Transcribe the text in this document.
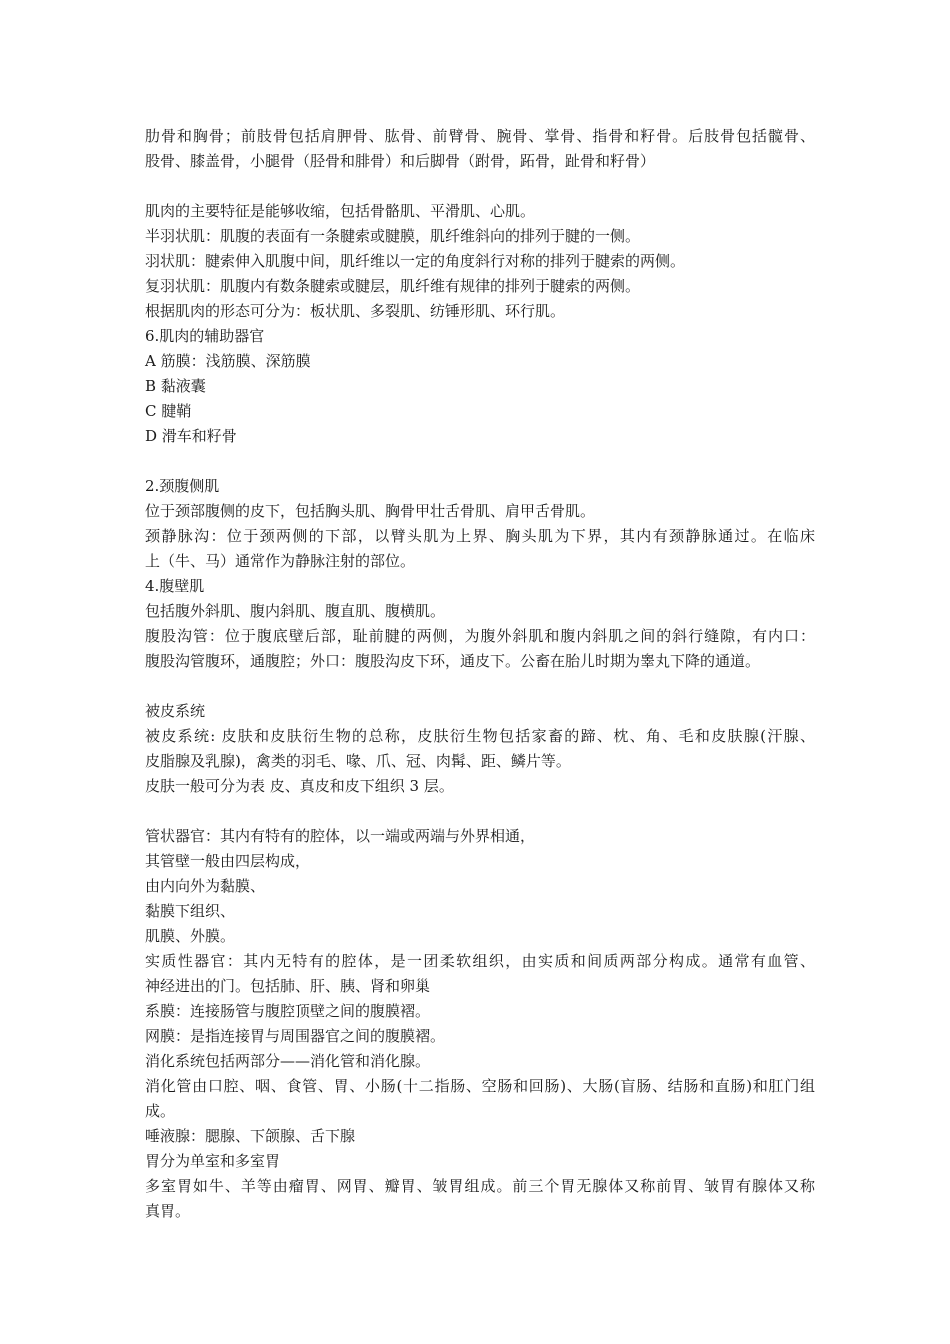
肋骨和胸骨；前肢骨包括肩胛骨、肱骨、前臂骨、腕骨、掌骨、指骨和籽骨。后肢骨包括髋骨、
股骨、膝盖骨，小腿骨（胫骨和腓骨）和后脚骨（跗骨，跖骨，趾骨和籽骨）
肌肉的主要特征是能够收缩，包括骨骼肌、平滑肌、心肌。
半羽状肌：肌腹的表面有一条腱索或腱膜，肌纤维斜向的排列于腱的一侧。
羽状肌：腱索伸入肌腹中间，肌纤维以一定的角度斜行对称的排列于腱索的两侧。
复羽状肌：肌腹内有数条腱索或腱层，肌纤维有规律的排列于腱索的两侧。
根据肌肉的形态可分为：板状肌、多裂肌、纺锤形肌、环行肌。
6.肌肉的辅助器官
A 筋膜：浅筋膜、深筋膜
B 黏液囊
C 腱鞘
D 滑车和籽骨
2.颈腹侧肌
位于颈部腹侧的皮下，包括胸头肌、胸骨甲壮舌骨肌、肩甲舌骨肌。
颈静脉沟：位于颈两侧的下部，以臂头肌为上界、胸头肌为下界，其内有颈静脉通过。在临床
上（牛、马）通常作为静脉注射的部位。
4.腹壁肌
包括腹外斜肌、腹内斜肌、腹直肌、腹横肌。
腹股沟管：位于腹底壁后部，耻前腱的两侧，为腹外斜肌和腹内斜肌之间的斜行缝隙，有内口：
腹股沟管腹环，通腹腔；外口：腹股沟皮下环，通皮下。公畜在胎儿时期为睾丸下降的通道。
被皮系统
被皮系统: 皮肤和皮肤衍生物的总称，皮肤衍生物包括家畜的蹄、枕、角、毛和皮肤腺(汗腺、
皮脂腺及乳腺)，禽类的羽毛、喙、爪、冠、肉髯、距、鳞片等。
皮肤一般可分为表 皮、真皮和皮下组织 3 层。
管状器官：其内有特有的腔体，以一端或两端与外界相通，
其管壁一般由四层构成，
由内向外为黏膜、
黏膜下组织、
肌膜、外膜。
实质性器官：其内无特有的腔体，是一团柔软组织，由实质和间质两部分构成。通常有血管、
神经进出的门。包括肺、肝、胰、肾和卵巢
系膜：连接肠管与腹腔顶壁之间的腹膜褶。
网膜：是指连接胃与周围器官之间的腹膜褶。
消化系统包括两部分——消化管和消化腺。
消化管由口腔、咽、食管、胃、小肠(十二指肠、空肠和回肠)、大肠(盲肠、结肠和直肠)和肛门组
成。
唾液腺：腮腺、下颌腺、舌下腺
胃分为单室和多室胃
多室胃如牛、羊等由瘤胃、网胃、瓣胃、皱胃组成。前三个胃无腺体又称前胃、皱胃有腺体又称
真胃。
